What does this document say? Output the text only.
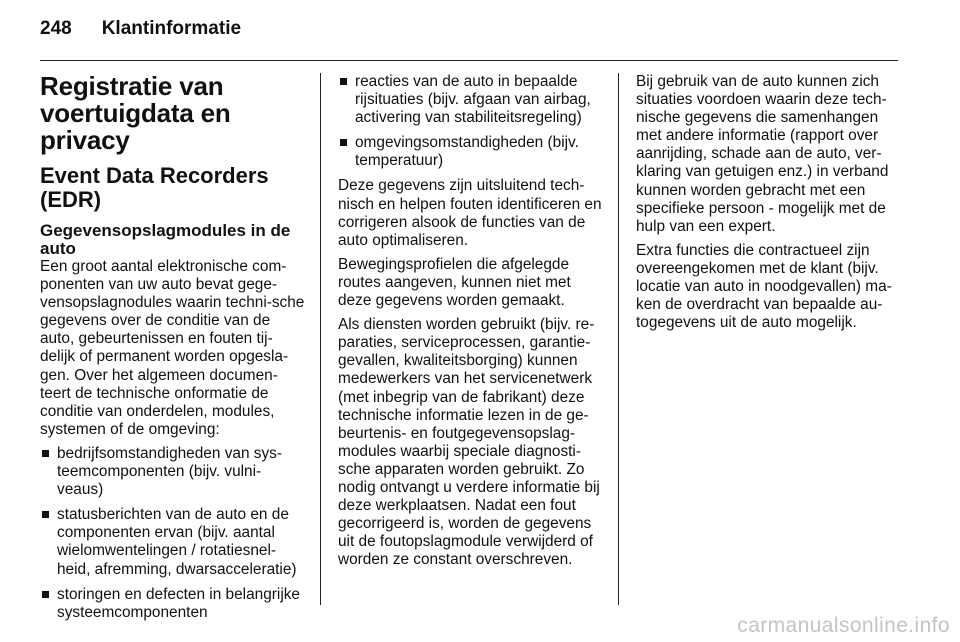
248 Klantinformatie
Registratie van voertuigdata en privacy
Event Data Recorders (EDR)
Gegevensopslagmodules in de auto

Een groot aantal elektronische com-ponenten van uw auto bevat gege-vensopslagnodules waarin techni-sche gegevens over de conditie van de auto, gebeurtenissen en fouten tij-delijk of permanent worden opgesla-gen. Over het algemeen documen-teert de technische onformatie de conditie van onderdelen, modules, systemen of de omgeving:

bedrijfsomstandigheden van sys-teemcomponenten (bijv. vulni-veaus)
statusberichten van de auto en de componenten ervan (bijv. aantal wielomwentelingen / rotatiesnel-heid, afremming, dwarsacceleratie)
storingen en defecten in belangrijke systeemcomponenten
reacties van de auto in bepaalde rijsituaties (bijv. afgaan van airbag, activering van stabiliteitsregeling)
omgevingsomstandigheden (bijv. temperatuur)

Deze gegevens zijn uitsluitend tech-nisch en helpen fouten identificeren en corrigeren alsook de functies van de auto optimaliseren.

Bewegingsprofielen die afgelegde routes aangeven, kunnen niet met deze gegevens worden gemaakt.

Als diensten worden gebruikt (bijv. re-paraties, serviceprocessen, garantie-gevallen, kwaliteitsborging) kunnen medewerkers van het servicenetwerk (met inbegrip van de fabrikant) deze technische informatie lezen in de ge-beurtenis- en foutgegevensopslag-modules waarbij speciale diagnosti-sche apparaten worden gebruikt. Zo nodig ontvangt u verdere informatie bij deze werkplaatsen. Nadat een fout gecorrigeerd is, worden de gegevens uit de foutopslagmodule verwijderd of worden ze constant overschreven.

Bij gebruik van de auto kunnen zich situaties voordoen waarin deze tech-nische gegevens die samenhangen met andere informatie (rapport over aanrijding, schade aan de auto, ver-klaring van getuigen enz.) in verband kunnen worden gebracht met een specifieke persoon - mogelijk met de hulp van een expert.

Extra functies die contractueel zijn overeengekomen met de klant (bijv. locatie van auto in noodgevallen) ma-ken de overdracht van bepaalde au-togegevens uit de auto mogelijk.

carmanualsonline.info
